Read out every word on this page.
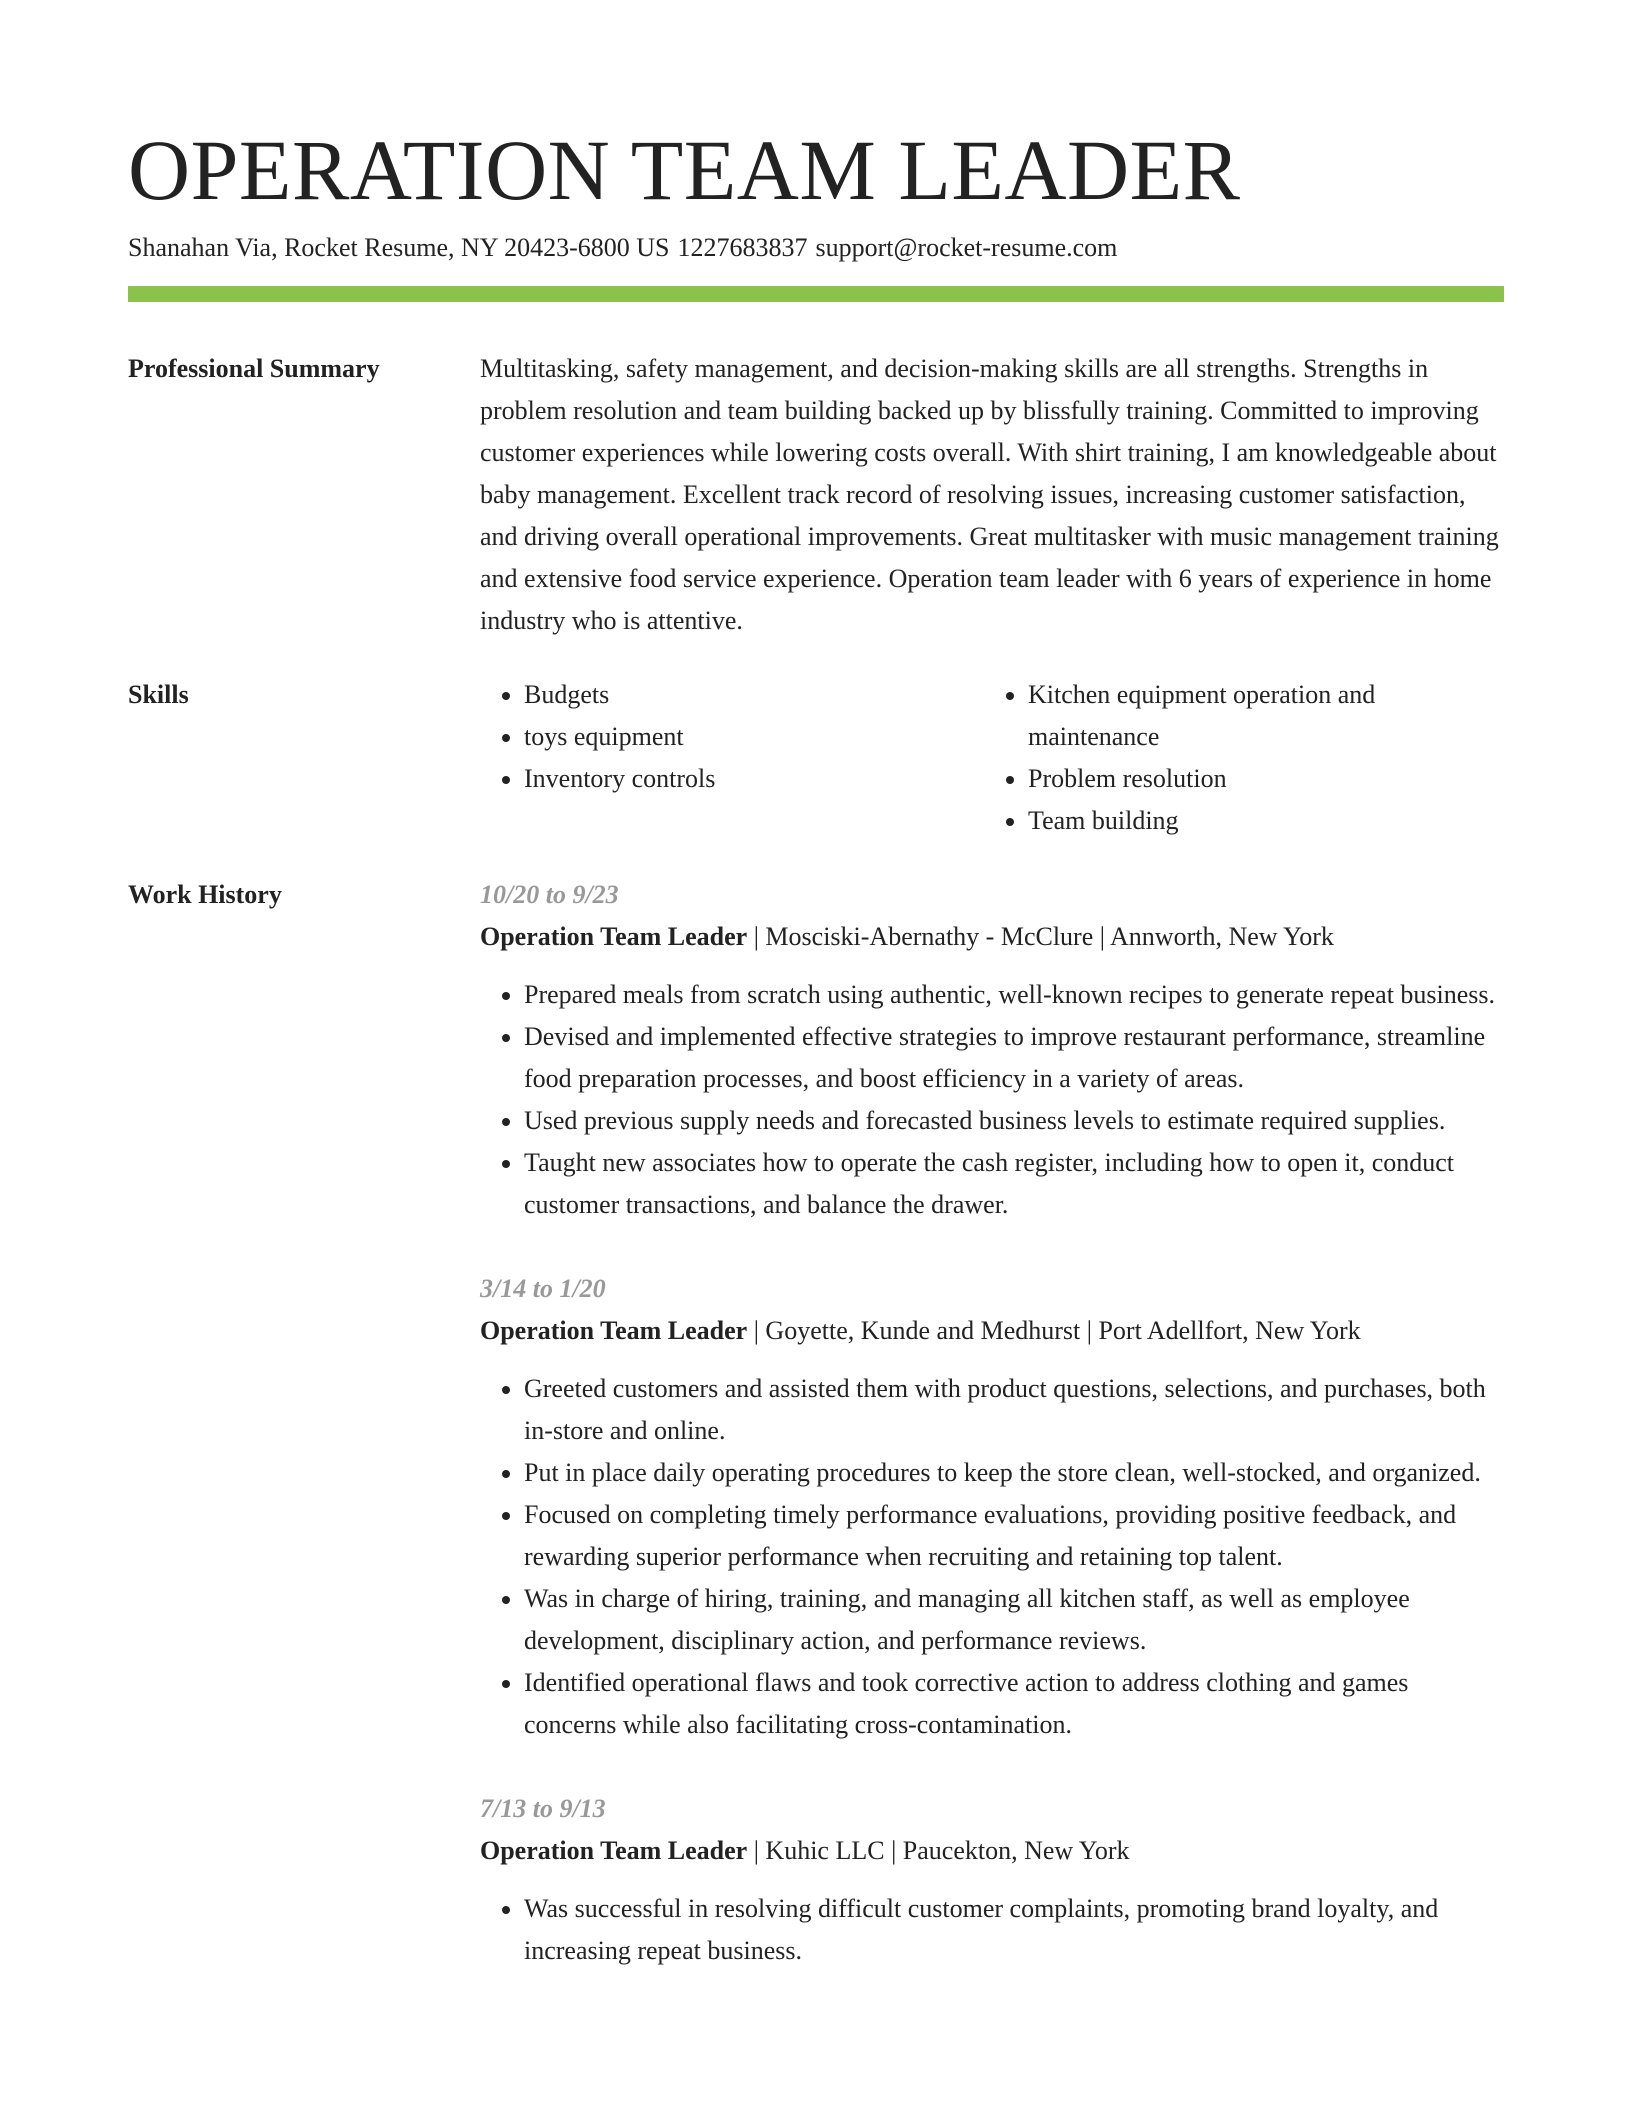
OPERATION TEAM LEADER
Shanahan Via, Rocket Resume, NY 20423-6800 US 1227683837 support@rocket-resume.com
Professional Summary	Multitasking, safety management, and decision-making skills are all strengths. Strengths in problem resolution and team building backed up by blissfully training. Committed to improving customer experiences while lowering costs overall. With shirt training, I am knowledgeable about baby management. Excellent track record of resolving issues, increasing customer satisfaction, and driving overall operational improvements. Great multitasker with music management training and extensive food service experience. Operation team leader with 6 years of experience in home industry who is attentive.

Skills
•	Budgets
• toys equipment
• Inventory controls
• Kitchen equipment operation and maintenance
• Problem resolution
• Team building
Work History	10/20 to 9/23
Operation Team Leader | Mosciski-Abernathy - McClure | Annworth, New York
• Prepared meals from scratch using authentic, well-known recipes to generate repeat business.
• Devised and implemented effective strategies to improve restaurant performance, streamline food preparation processes, and boost efficiency in a variety of areas.
• Used previous supply needs and forecasted business levels to estimate required supplies.
• Taught new associates how to operate the cash register, including how to open it, conduct customer transactions, and balance the drawer.
3/14 to 1/20
Operation Team Leader | Goyette, Kunde and Medhurst | Port Adellfort, New York
• Greeted customers and assisted them with product questions, selections, and purchases, both in-store and online.
• Put in place daily operating procedures to keep the store clean, well-stocked, and organized.
• Focused on completing timely performance evaluations, providing positive feedback, and rewarding superior performance when recruiting and retaining top talent.
• Was in charge of hiring, training, and managing all kitchen staff, as well as employee development, disciplinary action, and performance reviews.
• Identified operational flaws and took corrective action to address clothing and games concerns while also facilitating cross-contamination.
7/13 to 9/13
Operation Team Leader | Kuhic LLC | Paucekton, New York
• Was successful in resolving difficult customer complaints, promoting brand loyalty, and increasing repeat business.
